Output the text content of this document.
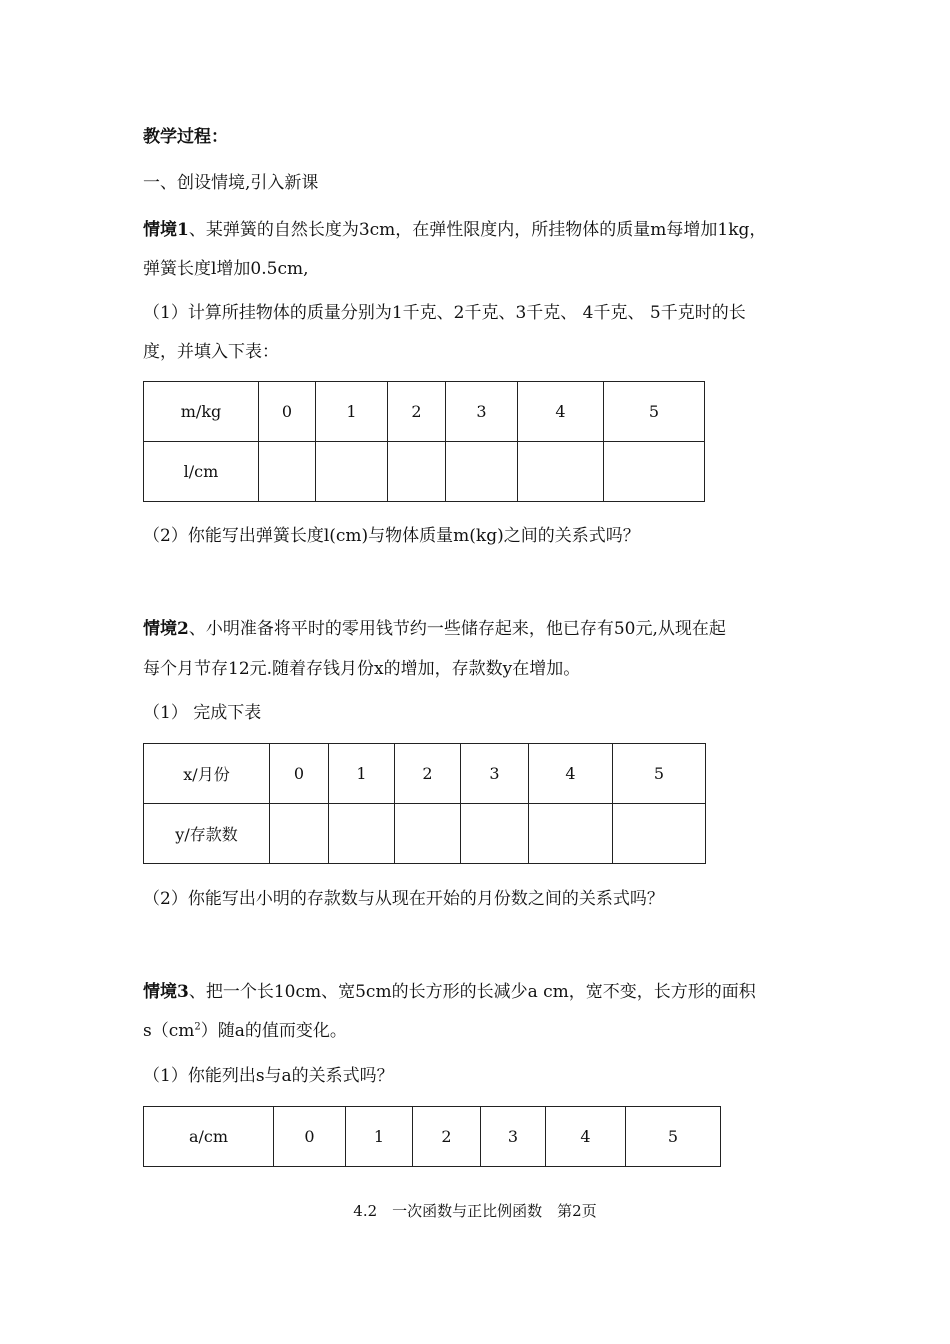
教学过程：
一、创设情境,引入新课
情境1、某弹簧的自然长度为3cm，在弹性限度内，所挂物体的质量m每增加1kg，
弹簧长度l增加0.5cm,
（1）计算所挂物体的质量分别为1千克、2千克、3千克、 4千克、 5千克时的长
度，并填入下表：
m/kg	0	1	2	3	4	5
l/cm						
（2）你能写出弹簧长度l(cm)与物体质量m(kg)之间的关系式吗？
情境2、小明准备将平时的零用钱节约一些储存起来，他已存有50元,从现在起
每个月节存12元.随着存钱月份x的增加，存款数y在增加。
（1） 完成下表
x/月份	0	1	2	3	4	5
y/存款数						
（2）你能写出小明的存款数与从现在开始的月份数之间的关系式吗？
情境3、把一个长10cm、宽5cm的长方形的长减少a cm，宽不变，长方形的面积
$s(cm^2)$随a的值而变化。
（1）你能列出s与a的关系式吗？
a/cm	0	1	2	3	4	5
4.2　一次函数与正比例函数　第2页
